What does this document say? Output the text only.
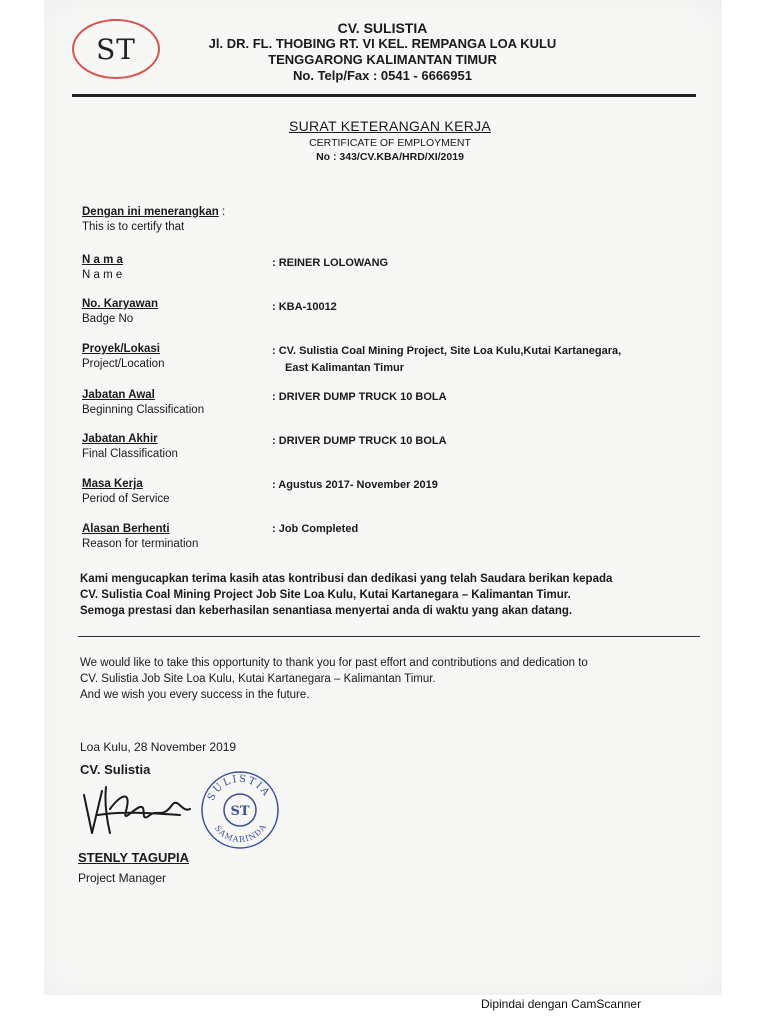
ST
CV. SULISTIA
Jl. DR. FL. THOBING RT. VI KEL. REMPANGA LOA KULU
TENGGARONG KALIMANTAN TIMUR
No. Telp/Fax : 0541 - 6666951
SURAT KETERANGAN KERJA
CERTIFICATE OF EMPLOYMENT
No : 343/CV.KBA/HRD/XI/2019
Dengan ini menerangkan :
This is to certify that
N a m a
N a m e
: REINER LOLOWANG
No. Karyawan
Badge No
: KBA-10012
Proyek/Lokasi
Project/Location
: CV. Sulistia Coal Mining Project, Site Loa Kulu,Kutai Kartanegara,
East Kalimantan Timur
Jabatan Awal
Beginning Classification
: DRIVER DUMP TRUCK 10 BOLA
Jabatan Akhir
Final Classification
: DRIVER DUMP TRUCK 10 BOLA
Masa Kerja
Period of Service
: Agustus 2017- November 2019
Alasan Berhenti
Reason for termination
: Job Completed
Kami mengucapkan terima kasih atas kontribusi dan dedikasi yang telah Saudara berikan kepada
CV. Sulistia Coal Mining Project Job Site Loa Kulu, Kutai Kartanegara – Kalimantan Timur.
Semoga prestasi dan keberhasilan senantiasa menyertai anda di waktu yang akan datang.
We would like to take this opportunity to thank you for past effort and contributions and dedication to
CV. Sulistia Job Site Loa Kulu, Kutai Kartanegara – Kalimantan Timur.
And we wish you every success in the future.
Loa Kulu, 28 November 2019
CV. Sulistia
SULISTIA
SAMARINDA
ST
STENLY TAGUPIA
Project Manager
Dipindai dengan CamScanner
